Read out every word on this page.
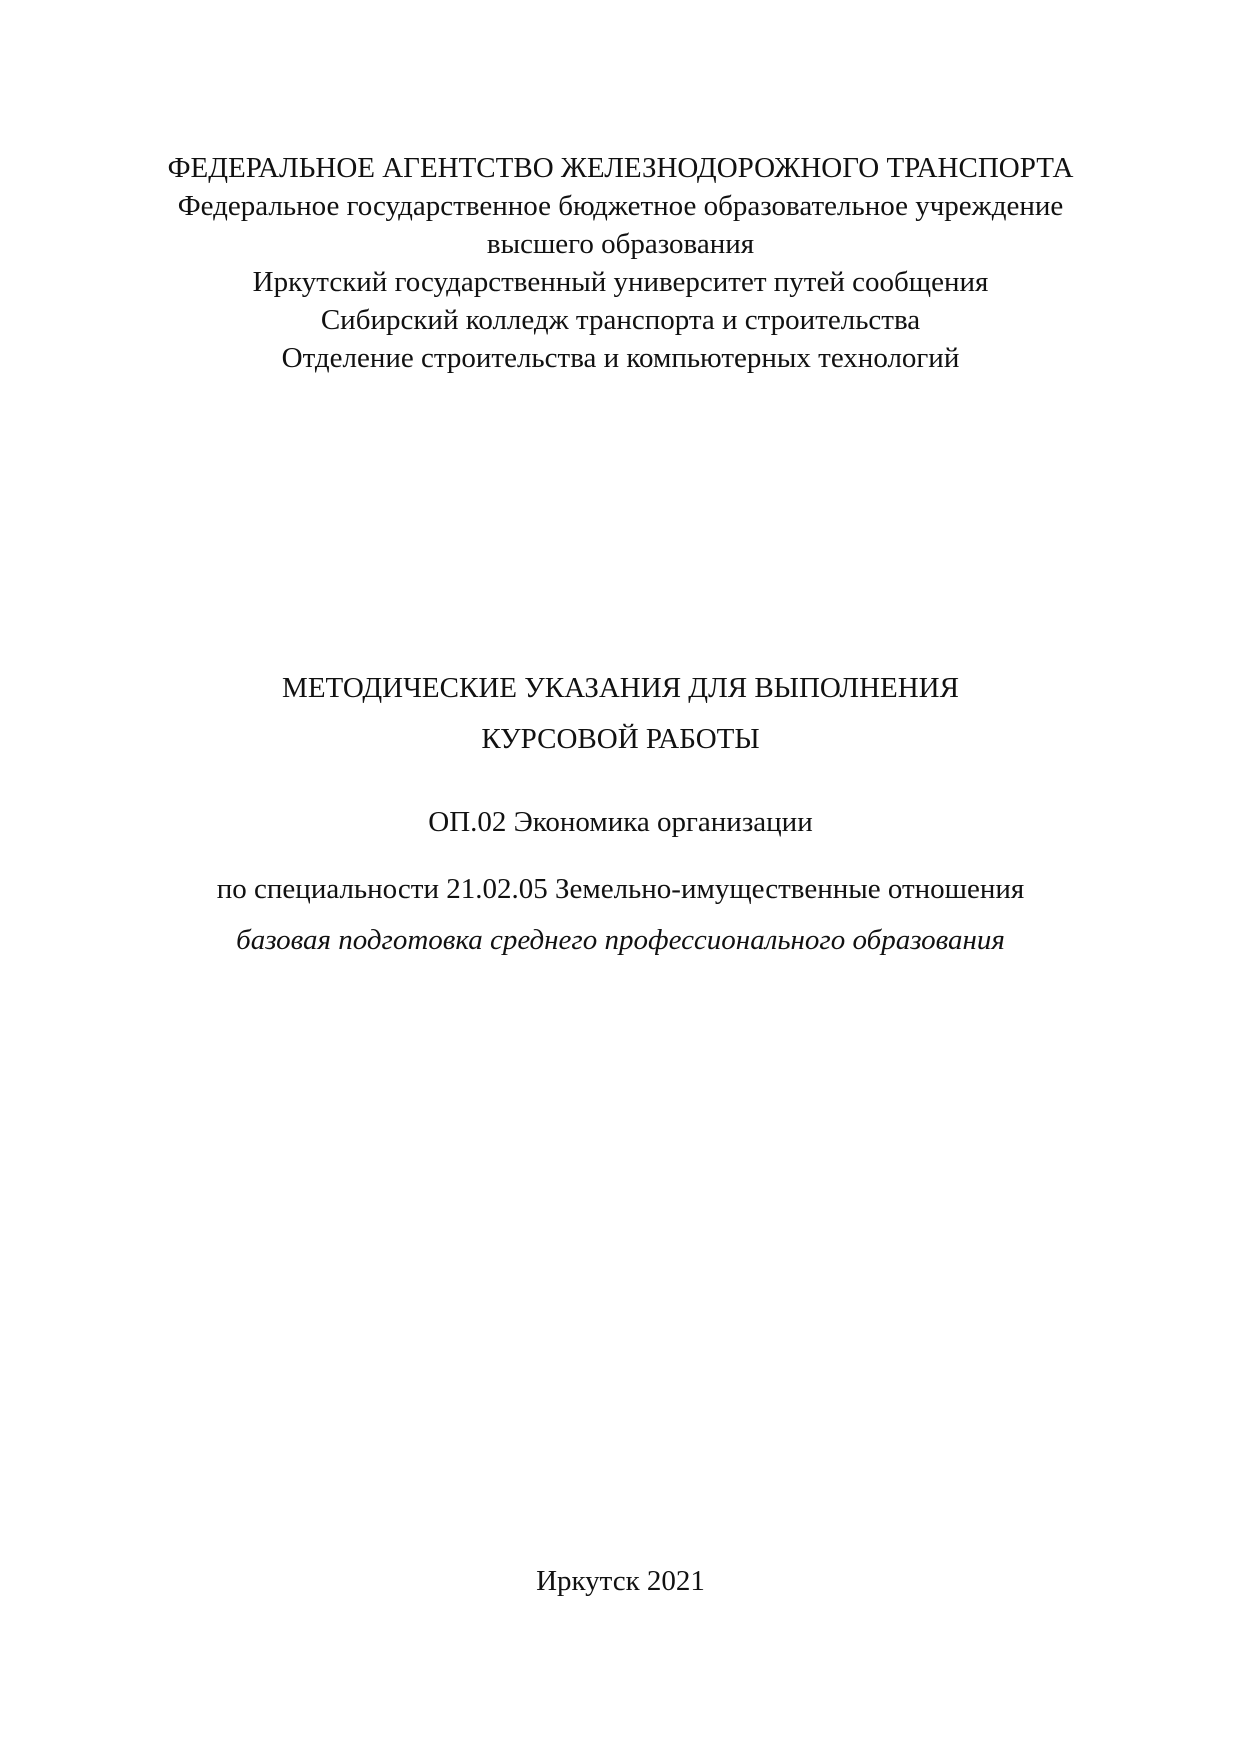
ФЕДЕРАЛЬНОЕ АГЕНТСТВО ЖЕЛЕЗНОДОРОЖНОГО ТРАНСПОРТА
Федеральное государственное бюджетное образовательное учреждение
высшего образования
Иркутский государственный университет путей сообщения
Сибирский колледж транспорта и строительства
Отделение строительства и компьютерных технологий
МЕТОДИЧЕСКИЕ УКАЗАНИЯ ДЛЯ ВЫПОЛНЕНИЯ
КУРСОВОЙ РАБОТЫ
ОП.02 Экономика организации
по специальности 21.02.05 Земельно-имущественные отношения
базовая подготовка среднего профессионального образования
Иркутск 2021
